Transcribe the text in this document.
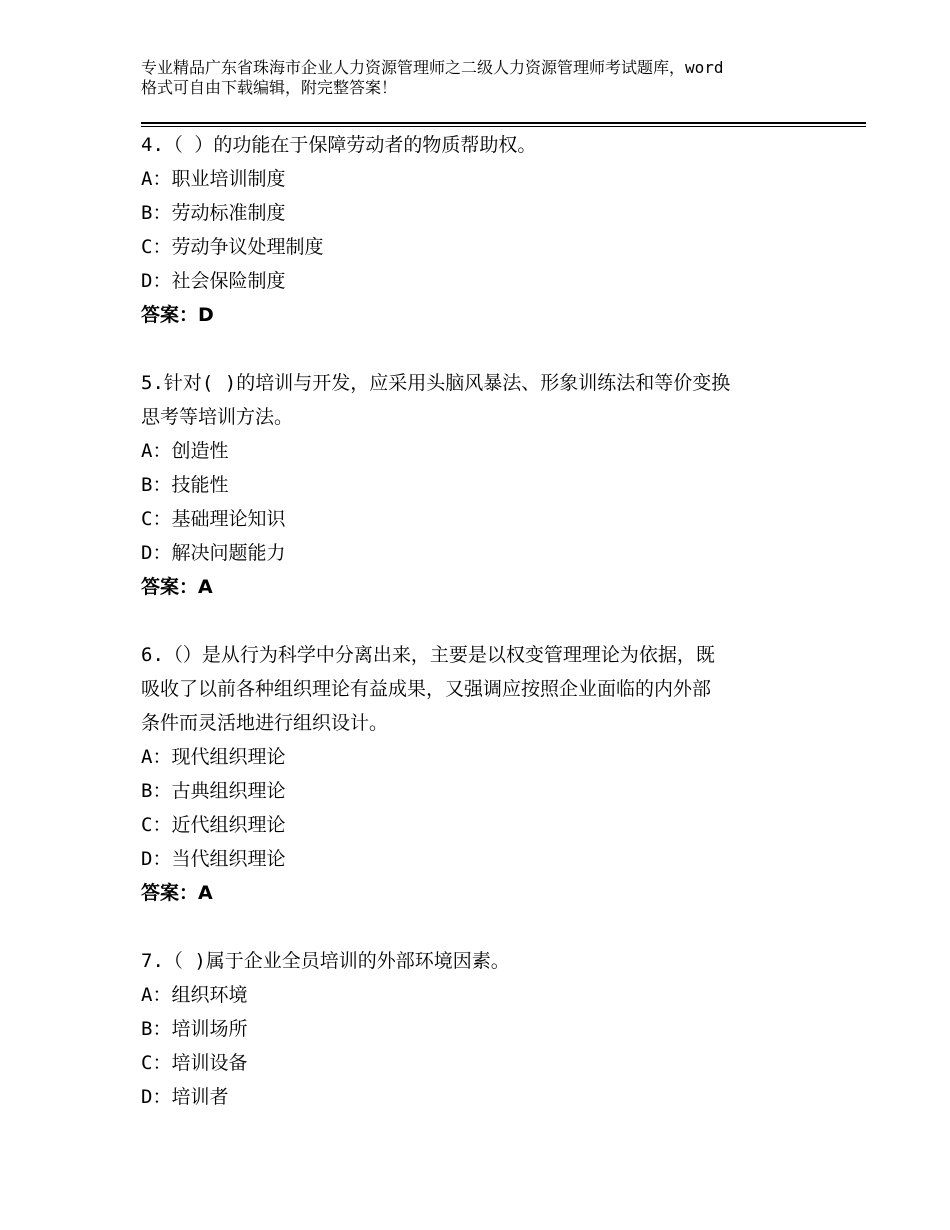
专业精品广东省珠海市企业人力资源管理师之二级人力资源管理师考试题库，word
格式可自由下载编辑，附完整答案！
4.（ ）的功能在于保障劳动者的物质帮助权。
A：职业培训制度
B：劳动标准制度
C：劳动争议处理制度
D：社会保险制度
答案：D
5.针对( )的培训与开发，应采用头脑风暴法、形象训练法和等价变换
思考等培训方法。
A：创造性
B：技能性
C：基础理论知识
D：解决问题能力
答案：A
6.（）是从行为科学中分离出来，主要是以权变管理理论为依据，既
吸收了以前各种组织理论有益成果，又强调应按照企业面临的内外部
条件而灵活地进行组织设计。
A：现代组织理论
B：古典组织理论
C：近代组织理论
D：当代组织理论
答案：A
7.（ )属于企业全员培训的外部环境因素。
A：组织环境
B：培训场所
C：培训设备
D：培训者
